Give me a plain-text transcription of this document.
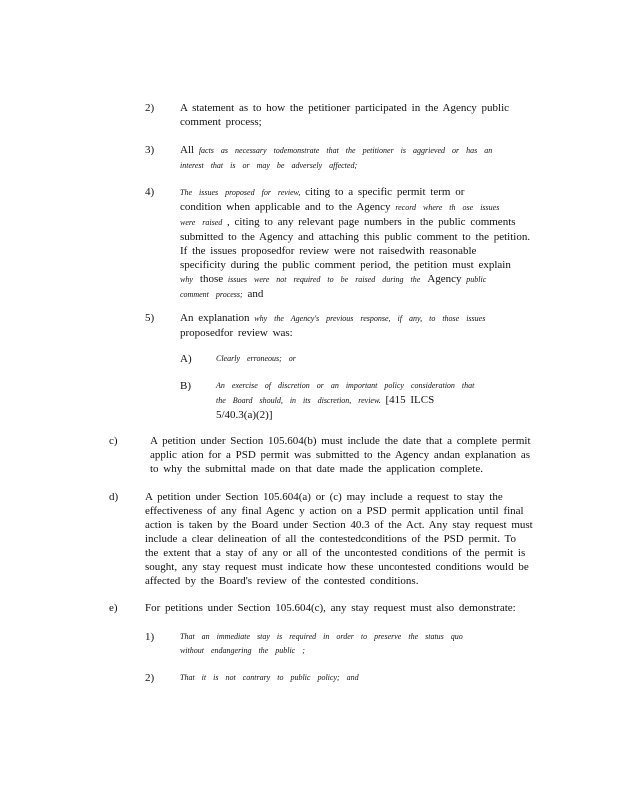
2) A statement as to how the petitioner participated in the Agency public comment process;
3) All facts as necessary todemonstrate that the petitioner is aggrieved or has an interest that is or may be adversely affected;
4)	The issues proposed for review, citing to a specific permit term or
condition when applicable and to the Agency record where th ose issues
were raised , citing to any relevant page numbers in the public comments
submitted to the Agency and attaching this public comment to the petition.
If the issues proposedfor review were not raisedwith reasonable
specificity during the public comment period, the petition must explain
why those issues were not required to be raised during the Agency public
comment process; and
5) An explanation why the Agency's previous response, if any, to those issues
proposedfor review was:
A)	Clearly erroneous; or
B)	An exercise of discretion or an important policy consideration that
the Board should, in its discretion, review. [415 ILCS
5/40.3(a)(2)]
c)	A petition under Section 105.604(b) must include the date that a complete permit
applic ation for a PSD permit was submitted to the Agency andan explanation as
to why the submittal made on that date made the application complete.
d) A petition under Section 105.604(a) or (c) may include a request to stay the
effectiveness of any final Agenc y action on a PSD permit application until final
action is taken by the Board under Section 40.3 of the Act. Any stay request must
include a clear delineation of all the contestedconditions of the PSD permit. To
the extent that a stay of any or all of the uncontested conditions of the permit is
sought, any stay request must indicate how these uncontested conditions would be
affected by the Board's review of the contested conditions.
e) For petitions under Section 105.604(c), any stay request must also demonstrate:
1)	That an immediate stay is required in order to preserve the status quo
without endangering the public ;
2)	That it is not contrary to public policy; and
